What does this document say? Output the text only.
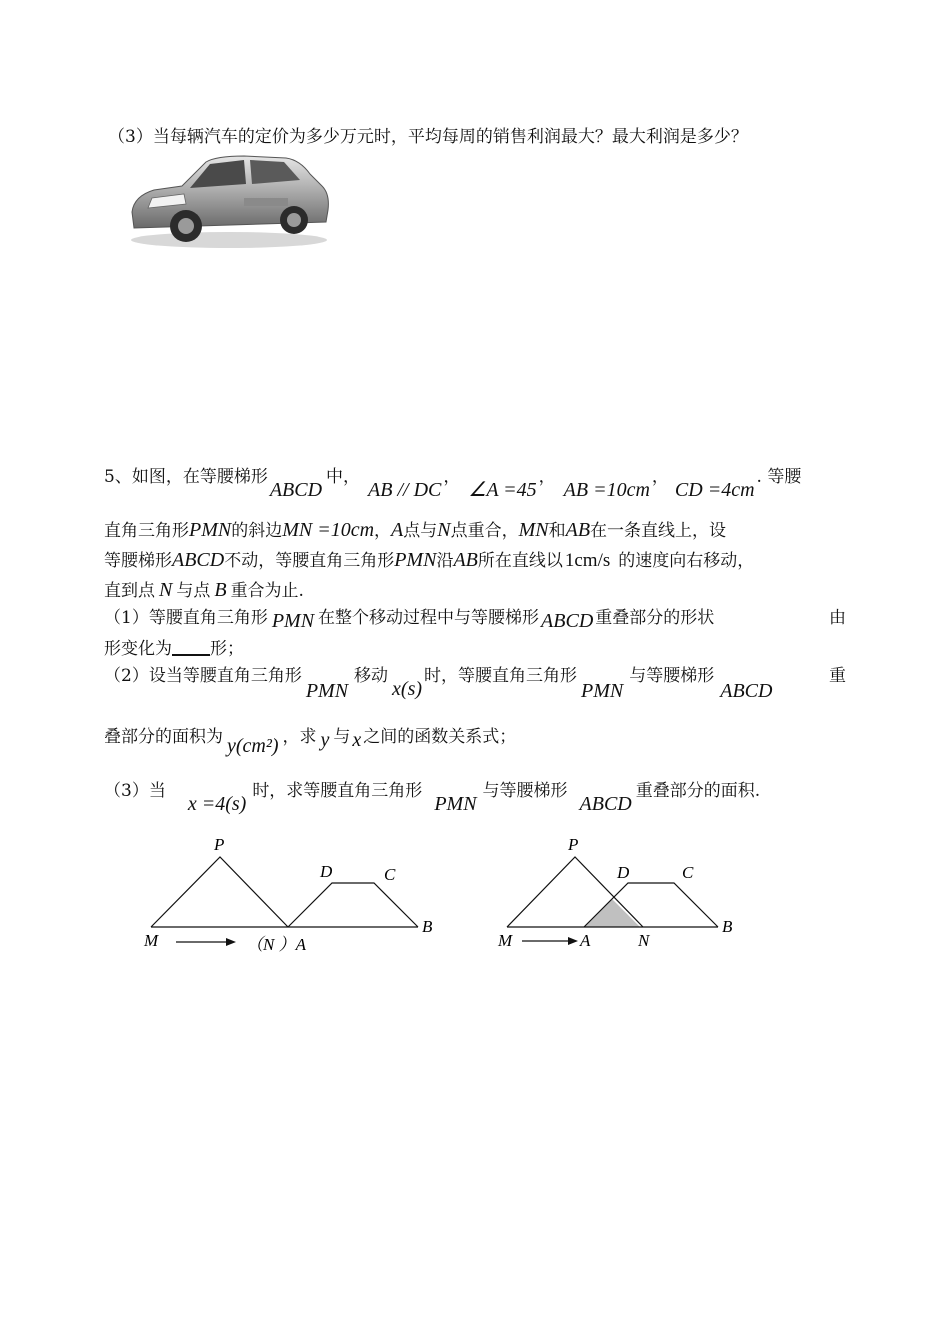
（3）当每辆汽车的定价为多少万元时，平均每周的销售利润最大？最大利润是多少？
5、如图，在等腰梯形ABCD中，AB // DC，∠A =45，AB =10cm，CD =4cm. 等腰
直角三角形PMN的斜边MN =10cm，A点与N点重合，MN和AB在一条直线上，设
等腰梯形ABCD不动，等腰直角三角形PMN沿AB所在直线以 1cm/s 的速度向右移动，
直到点 N 与点 B 重合为止.
（1）等腰直角三角形 PMN 在整个移动过程中与等腰梯形 ABCD 重叠部分的形状	由
形变化为 形；
（2）设当等腰直角三角形PMN移动x(s)时，等腰直角三角形PMN与等腰梯形ABCD
重
叠部分的面积为 y(cm²) ，求 y 与 x 之间的函数关系式；
（3）当x =4(s)时，求等腰直角三角形PMN与等腰梯形ABCD重叠部分的面积.
P
D	C
M	（N ）A
B
P
D	C
M	A	N
B
